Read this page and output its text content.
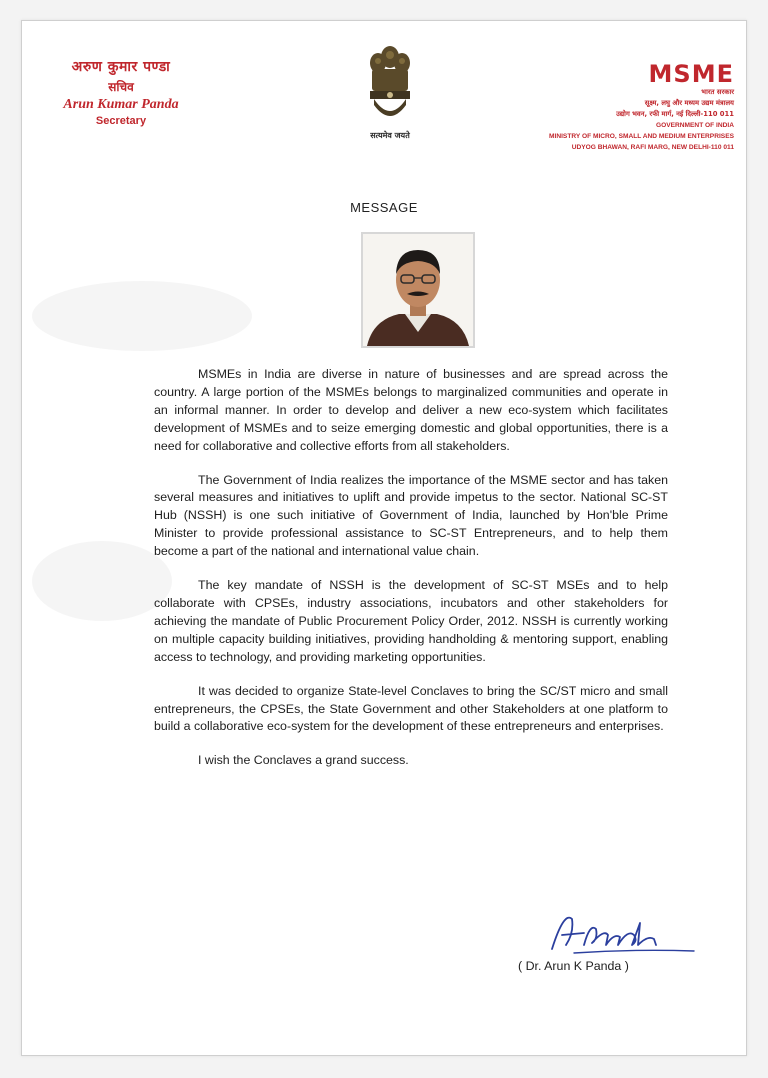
अरुण कुमार पण्डा
सचिव
Arun Kumar Panda
Secretary
सत्यमेव जयते
MSME
भारत सरकार
सूक्ष्म, लघु और मध्यम उद्यम मंत्रालय
उद्योग भवन, रफी मार्ग, नई दिल्ली-110 011
GOVERNMENT OF INDIA
MINISTRY OF MICRO, SMALL AND MEDIUM ENTERPRISES
UDYOG BHAWAN, RAFI MARG, NEW DELHI-110 011
MESSAGE

MSMEs in India are diverse in nature of businesses and are spread across the country. A large portion of the MSMEs belongs to marginalized communities and operate in an informal manner. In order to develop and deliver a new eco-system which facilitates development of MSMEs and to seize emerging domestic and global opportunities, there is a need for collaborative and collective efforts from all stakeholders.

The Government of India realizes the importance of the MSME sector and has taken several measures and initiatives to uplift and provide impetus to the sector. National SC-ST Hub (NSSH) is one such initiative of Government of India, launched by Hon'ble Prime Minister to provide professional assistance to SC-ST Entrepreneurs, and to help them become a part of the national and international value chain.

The key mandate of NSSH is the development of SC-ST MSEs and to help collaborate with CPSEs, industry associations, incubators and other stakeholders for achieving the mandate of Public Procurement Policy Order, 2012. NSSH is currently working on multiple capacity building initiatives, providing handholding & mentoring support, enabling access to technology, and providing marketing opportunities.

It was decided to organize State-level Conclaves to bring the SC/ST micro and small entrepreneurs, the CPSEs, the State Government and other Stakeholders at one platform to build a collaborative eco-system for the development of these entrepreneurs and enterprises.

I wish the Conclaves a grand success.

( Dr. Arun K Panda )
